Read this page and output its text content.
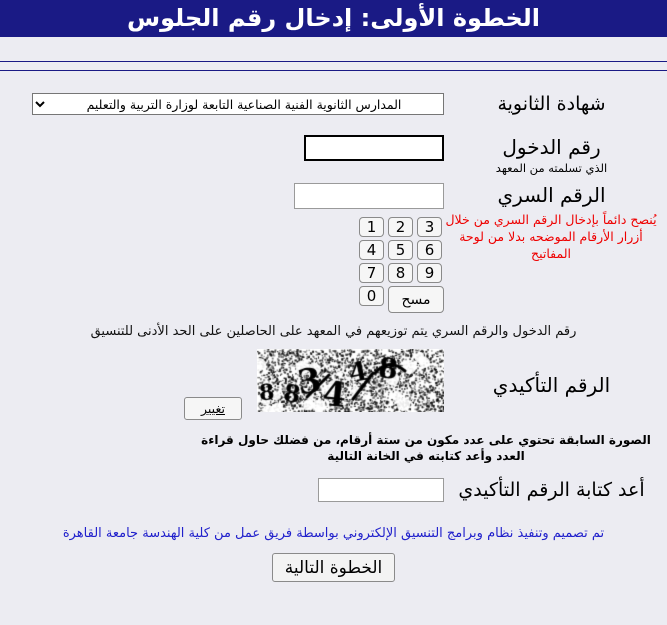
الخطوة الأولى: إدخال رقم الجلوس
شهادة الثانوية
المدارس الثانوية الفنية الصناعية التابعة لوزارة التربية والتعليم
رقم الدخول
الذي تسلمته من المعهد
الرقم السري
يُنصح دائماً بإدخال الرقم السري من خلال أزرار الأرقام الموضحه بدلا من لوحة المفاتيح
1	2	3
4	5	6
7	8	9
0	مسح
رقم الدخول والرقم السري يتم توزيعهم في المعهد على الحاصلين على الحد الأدنى للتنسيق
الرقم التأكيدي
تغيير
الصورة السابقة تحتوي على عدد مكون من ستة أرقام، من فضلك حاول قراءة العدد وأعد كتابته في الخانة التالية
أعد كتابة الرقم التأكيدي
تم تصميم وتنفيذ نظام وبرامج التنسيق الإلكتروني بواسطة فريق عمل من كلية الهندسة جامعة القاهرة
الخطوة التالية
